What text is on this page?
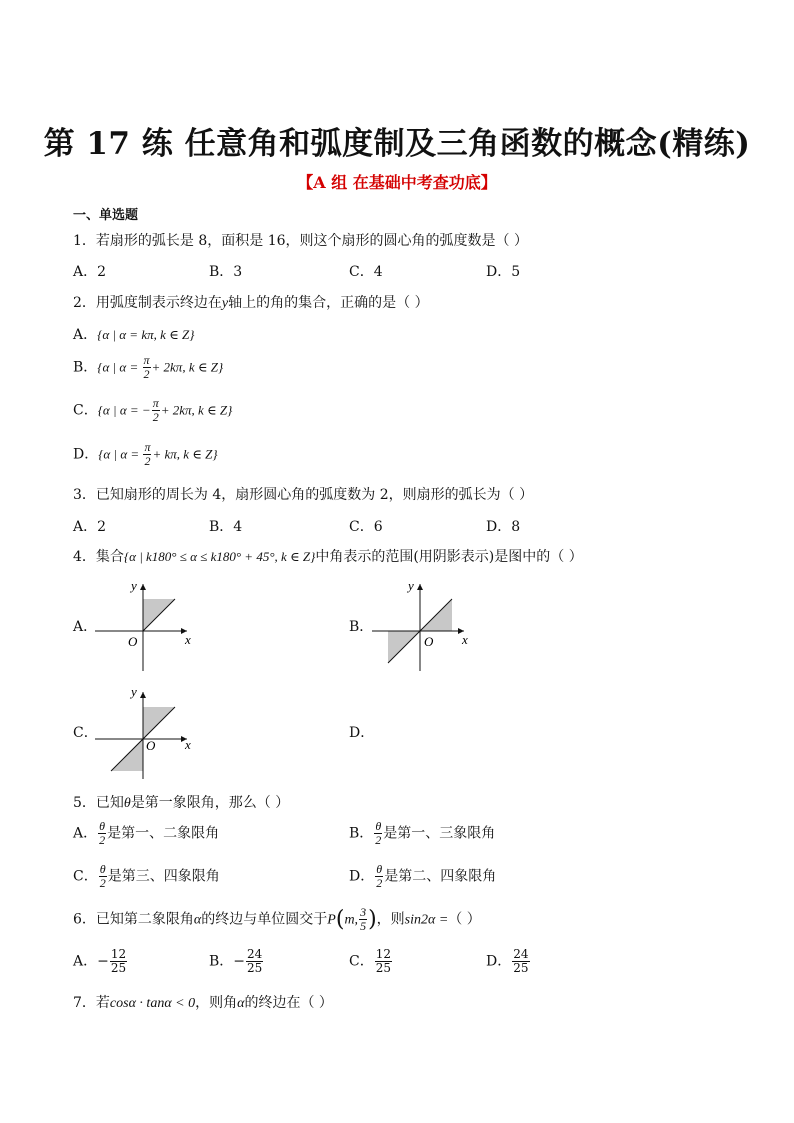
第 17 练 任意角和弧度制及三角函数的概念(精练)
【A 组 在基础中考查功底】
一、单选题
1．若扇形的弧长是 8，面积是 16，则这个扇形的圆心角的弧度数是（ ）
A．2	B．3	C．4	D．5
2．用弧度制表示终边在y轴上的角的集合，正确的是（ ）
A．{α | α = kπ, k ∈ Z}
B．{α | $\alpha = \frac{\pi}{2} + 2k\pi$, k ∈ Z}
C．{α | α = − $\frac{\pi}{2} + 2k\pi$, k ∈ Z}
D．{α | $\alpha = \frac{\pi}{2} + k\pi$, k ∈ Z}
3．已知扇形的周长为 4，扇形圆心角的弧度数为 2，则扇形的弧长为（ ）
A．2	B．4	C．6	D．8
4．集合{α | k180° ≤ α ≤ k180° + 45°, k ∈ Z}中角表示的范围(用阴影表示)是图中的（ ）
A．
x
y
O
B．
x
y
O
C．
x
y
O
D．
5．已知θ是第一象限角，那么（ ）
A． $\frac{\theta}{2}$ 是第一、二象限角	B． $\frac{\theta}{2}$ 是第一、三象限角
C． $\frac{\theta}{2}$ 是第三、四象限角	D． $\frac{\theta}{2}$ 是第二、四象限角
6．已知第二象限角α的终边与单位圆交于P(m, $\frac{3}{5}$ )，则sin2α =（ ）
A．− $\frac{12}{25}$	B．− $\frac{24}{25}$	C． $\frac{12}{25}$	D． $\frac{24}{25}$
7．若cosα · tanα < 0，则角α的终边在（ ）
